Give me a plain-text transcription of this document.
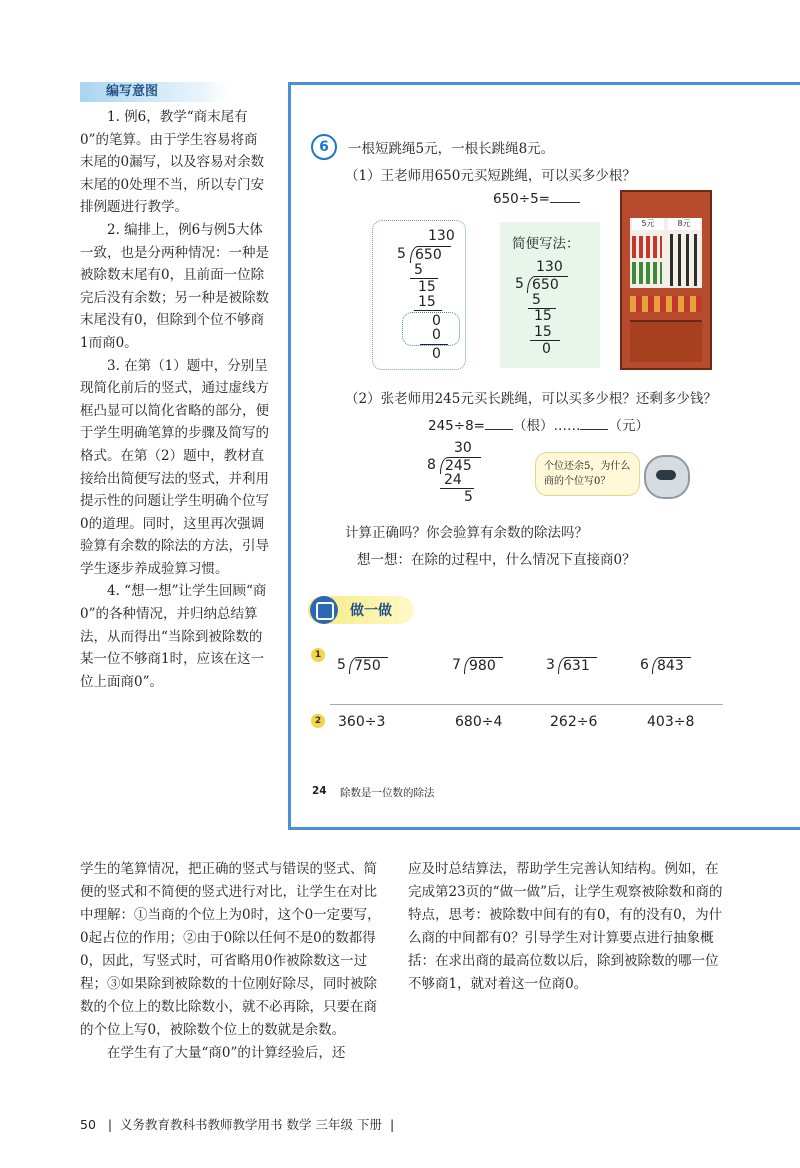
编写意图

1. 例6，教学“商末尾有0”的笔算。由于学生容易将商末尾的0漏写，以及容易对余数末尾的0处理不当，所以专门安排例题进行教学。

2. 编排上，例6与例5大体一致，也是分两种情况：一种是被除数末尾有0，且前面一位除完后没有余数；另一种是被除数末尾没有0，但除到个位不够商1而商0。

3. 在第（1）题中，分别呈现简化前后的竖式，通过虚线方框凸显可以简化省略的部分，便于学生明确笔算的步骤及简写的格式。在第（2）题中，教材直接给出简便写法的竖式，并利用提示性的问题让学生明确个位写0的道理。同时，这里再次强调验算有余数的除法的方法，引导学生逐步养成验算习惯。

4. “想一想”让学生回顾“商0”的各种情况，并归纳总结算法，从而得出“当除到被除数的某一位不够商1时，应该在这一位上面商0”。

6	一根短跳绳5元，一根长跳绳8元。
（1）王老师用650元买短跳绳，可以买多少根？
650÷5=
130
5 650
5
15
15
0
0
0
简便写法：
130
5 650
5
15
15
0
5元	8元
（2）张老师用245元买长跳绳，可以买多少根？还剩多少钱？
245÷8= （根）…… （元）
30
8 245
24
5
个位还余5，为什么商的个位写0？
计算正确吗？你会验算有余数的除法吗？
想一想：在除的过程中，什么情况下直接商0？
做一做
1
5 750	7 980	3 631	6 843
2 360÷3	680÷4	262÷6	403÷8
24 除数是一位数的除法

学生的笔算情况，把正确的竖式与错误的竖式、简便的竖式和不简便的竖式进行对比，让学生在对比中理解：①当商的个位上为0时，这个0一定要写，0起占位的作用；②由于0除以任何不是0的数都得0，因此，写竖式时，可省略用0作被除数这一过程；③如果除到被除数的十位刚好除尽，同时被除数的个位上的数比除数小，就不必再除，只要在商的个位上写0，被除数个位上的数就是余数。

在学生有了大量“商0”的计算经验后，还

应及时总结算法，帮助学生完善认知结构。例如，在完成第23页的“做一做”后，让学生观察被除数和商的特点，思考：被除数中间有的有0，有的没有0，为什么商的中间都有0？引导学生对计算要点进行抽象概括：在求出商的最高位数以后，除到被除数的哪一位不够商1，就对着这一位商0。

50   |  义务教育教科书教师教学用书 数学 三年级 下册  |
